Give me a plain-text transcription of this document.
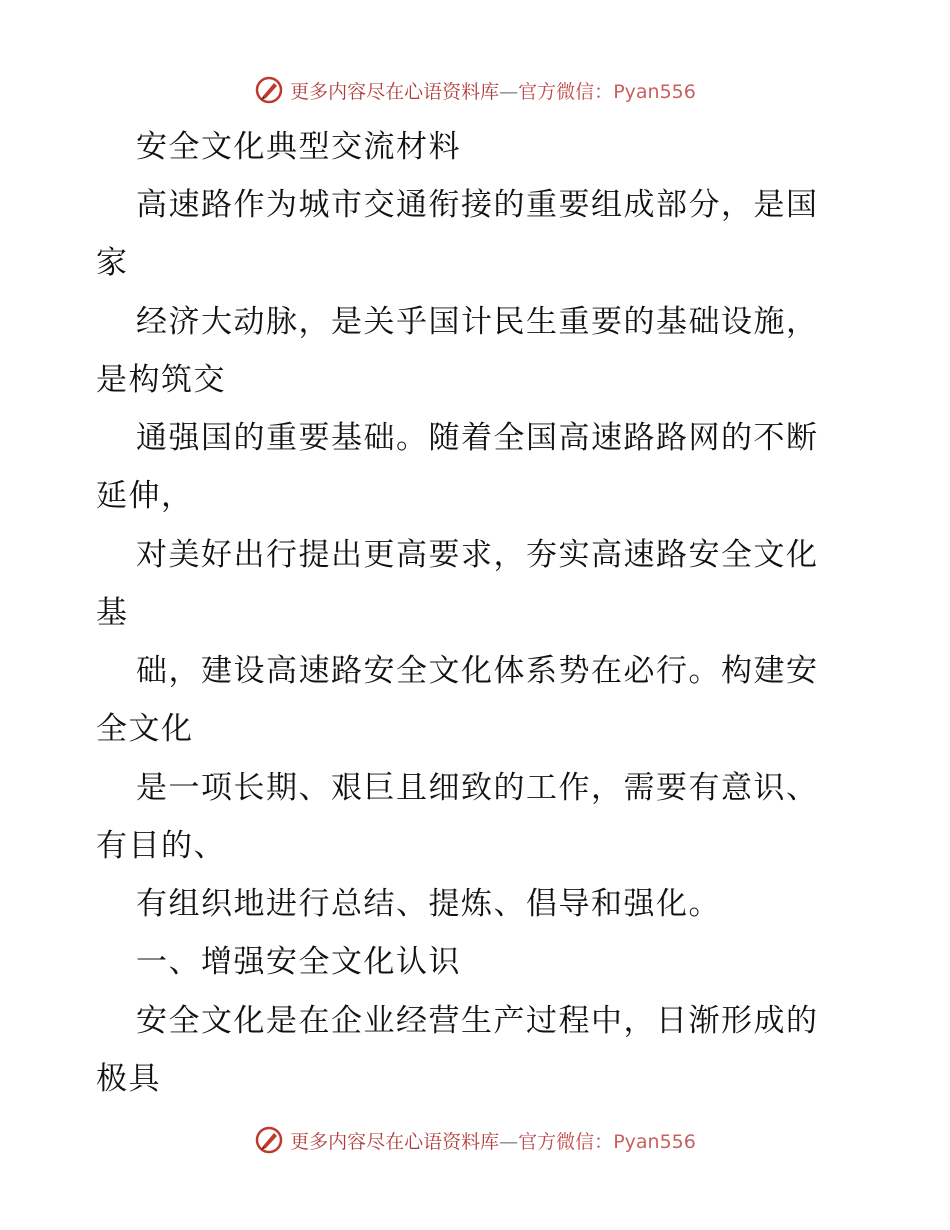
更多内容尽在心语资料库—官方微信：Pyan556
安全文化典型交流材料
高速路作为城市交通衔接的重要组成部分，是国
家
经济大动脉，是关乎国计民生重要的基础设施，
是构筑交
通强国的重要基础。随着全国高速路路网的不断
延伸，
对美好出行提出更高要求，夯实高速路安全文化
基
础，建设高速路安全文化体系势在必行。构建安
全文化
是一项长期、艰巨且细致的工作，需要有意识、
有目的、
有组织地进行总结、提炼、倡导和强化。
一、增强安全文化认识
安全文化是在企业经营生产过程中，日渐形成的
极具
更多内容尽在心语资料库—官方微信：Pyan556
